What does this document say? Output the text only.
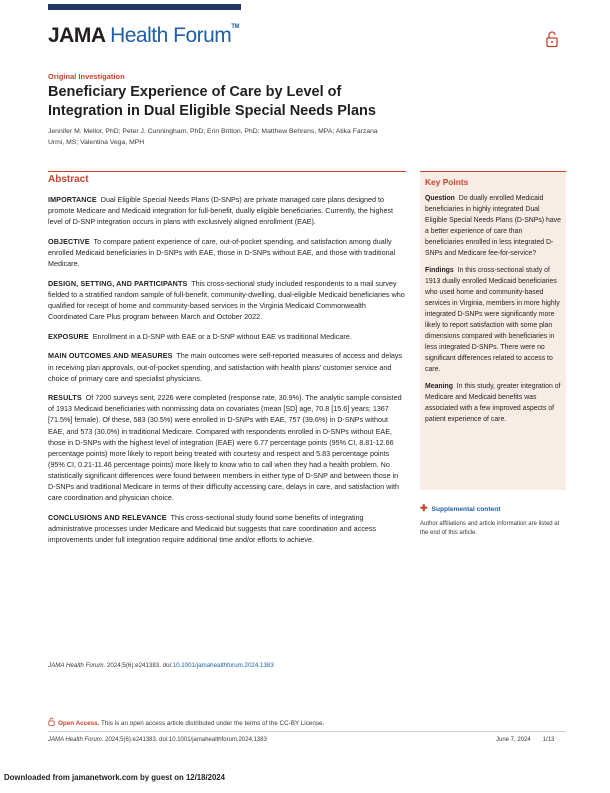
JAMA Health Forum™
Original Investigation
Beneficiary Experience of Care by Level of Integration in Dual Eligible Special Needs Plans
Jennifer M. Mellor, PhD; Peter J. Cunningham, PhD; Erin Britton, PhD; Matthew Behrens, MPA; Atika Farzana Urmi, MS; Valentina Vega, MPH
Abstract

IMPORTANCE Dual Eligible Special Needs Plans (D-SNPs) are private managed care plans designed to promote Medicare and Medicaid integration for full-benefit, dually eligible beneficiaries. Currently, the highest level of D-SNP integration occurs in plans with exclusively aligned enrollment (EAE).

OBJECTIVE To compare patient experience of care, out-of-pocket spending, and satisfaction among dually enrolled Medicaid beneficiaries in D-SNPs with EAE, those in D-SNPs without EAE, and those with traditional Medicare.

DESIGN, SETTING, AND PARTICIPANTS This cross-sectional study included respondents to a mail survey fielded to a stratified random sample of full-benefit, community-dwelling, dual-eligible Medicaid beneficiaries who qualified for receipt of home and community-based services in the Virginia Medicaid Commonwealth Coordinated Care Plus program between March and October 2022.

EXPOSURE Enrollment in a D-SNP with EAE or a D-SNP without EAE vs traditional Medicare.

MAIN OUTCOMES AND MEASURES The main outcomes were self-reported measures of access and delays in receiving plan approvals, out-of-pocket spending, and satisfaction with health plans' customer service and choice of primary care and specialist physicians.

RESULTS Of 7200 surveys sent, 2226 were completed (response rate, 30.9%). The analytic sample consisted of 1913 Medicaid beneficiaries with nonmissing data on covariates (mean [SD] age, 70.8 [15.6] years; 1367 [71.5%] female). Of these, 583 (30.5%) were enrolled in D-SNPs with EAE, 757 (39.6%) in D-SNPs without EAE, and 573 (30.0%) in traditional Medicare. Compared with respondents enrolled in D-SNPs without EAE, those in D-SNPs with the highest level of integration (EAE) were 6.77 percentage points (95% CI, 8.81-12.66 percentage points) more likely to report being treated with courtesy and respect and 5.83 percentage points (95% CI, 0.21-11.46 percentage points) more likely to know who to call when they had a health problem. No statistically significant differences were found between members in either type of D-SNP and between those in D-SNPs and traditional Medicare in terms of their difficulty accessing care, delays in care, and satisfaction with care coordination and physician choice.

CONCLUSIONS AND RELEVANCE This cross-sectional study found some benefits of integrating administrative processes under Medicare and Medicaid but suggests that care coordination and access improvements under full integration require additional time and/or efforts to achieve.

JAMA Health Forum. 2024;5(6):e241383. doi:10.1001/jamahealthforum.2024.1383
Key Points
Question Do dually enrolled Medicaid beneficiaries in highly integrated Dual Eligible Special Needs Plans (D-SNPs) have a better experience of care than beneficiaries enrolled in less integrated D-SNPs and Medicare fee-for-service?
Findings In this cross-sectional study of 1913 dually enrolled Medicaid beneficiaries who used home and community-based services in Virginia, members in more highly integrated D-SNPs were significantly more likely to report satisfaction with some plan dimensions compared with beneficiaries in less integrated D-SNPs. There were no significant differences related to access to care.
Meaning In this study, greater integration of Medicare and Medicaid benefits was associated with a few improved aspects of patient experience of care.
✚ Supplemental content
Author affiliations and article information are listed at the end of this article.
Open Access. This is an open access article distributed under the terms of the CC-BY License.
JAMA Health Forum. 2024;5(6):e241383. doi:10.1001/jamahealthforum.2024.1383	June 7, 2024 1/13
Downloaded from jamanetwork.com by guest on 12/18/2024
